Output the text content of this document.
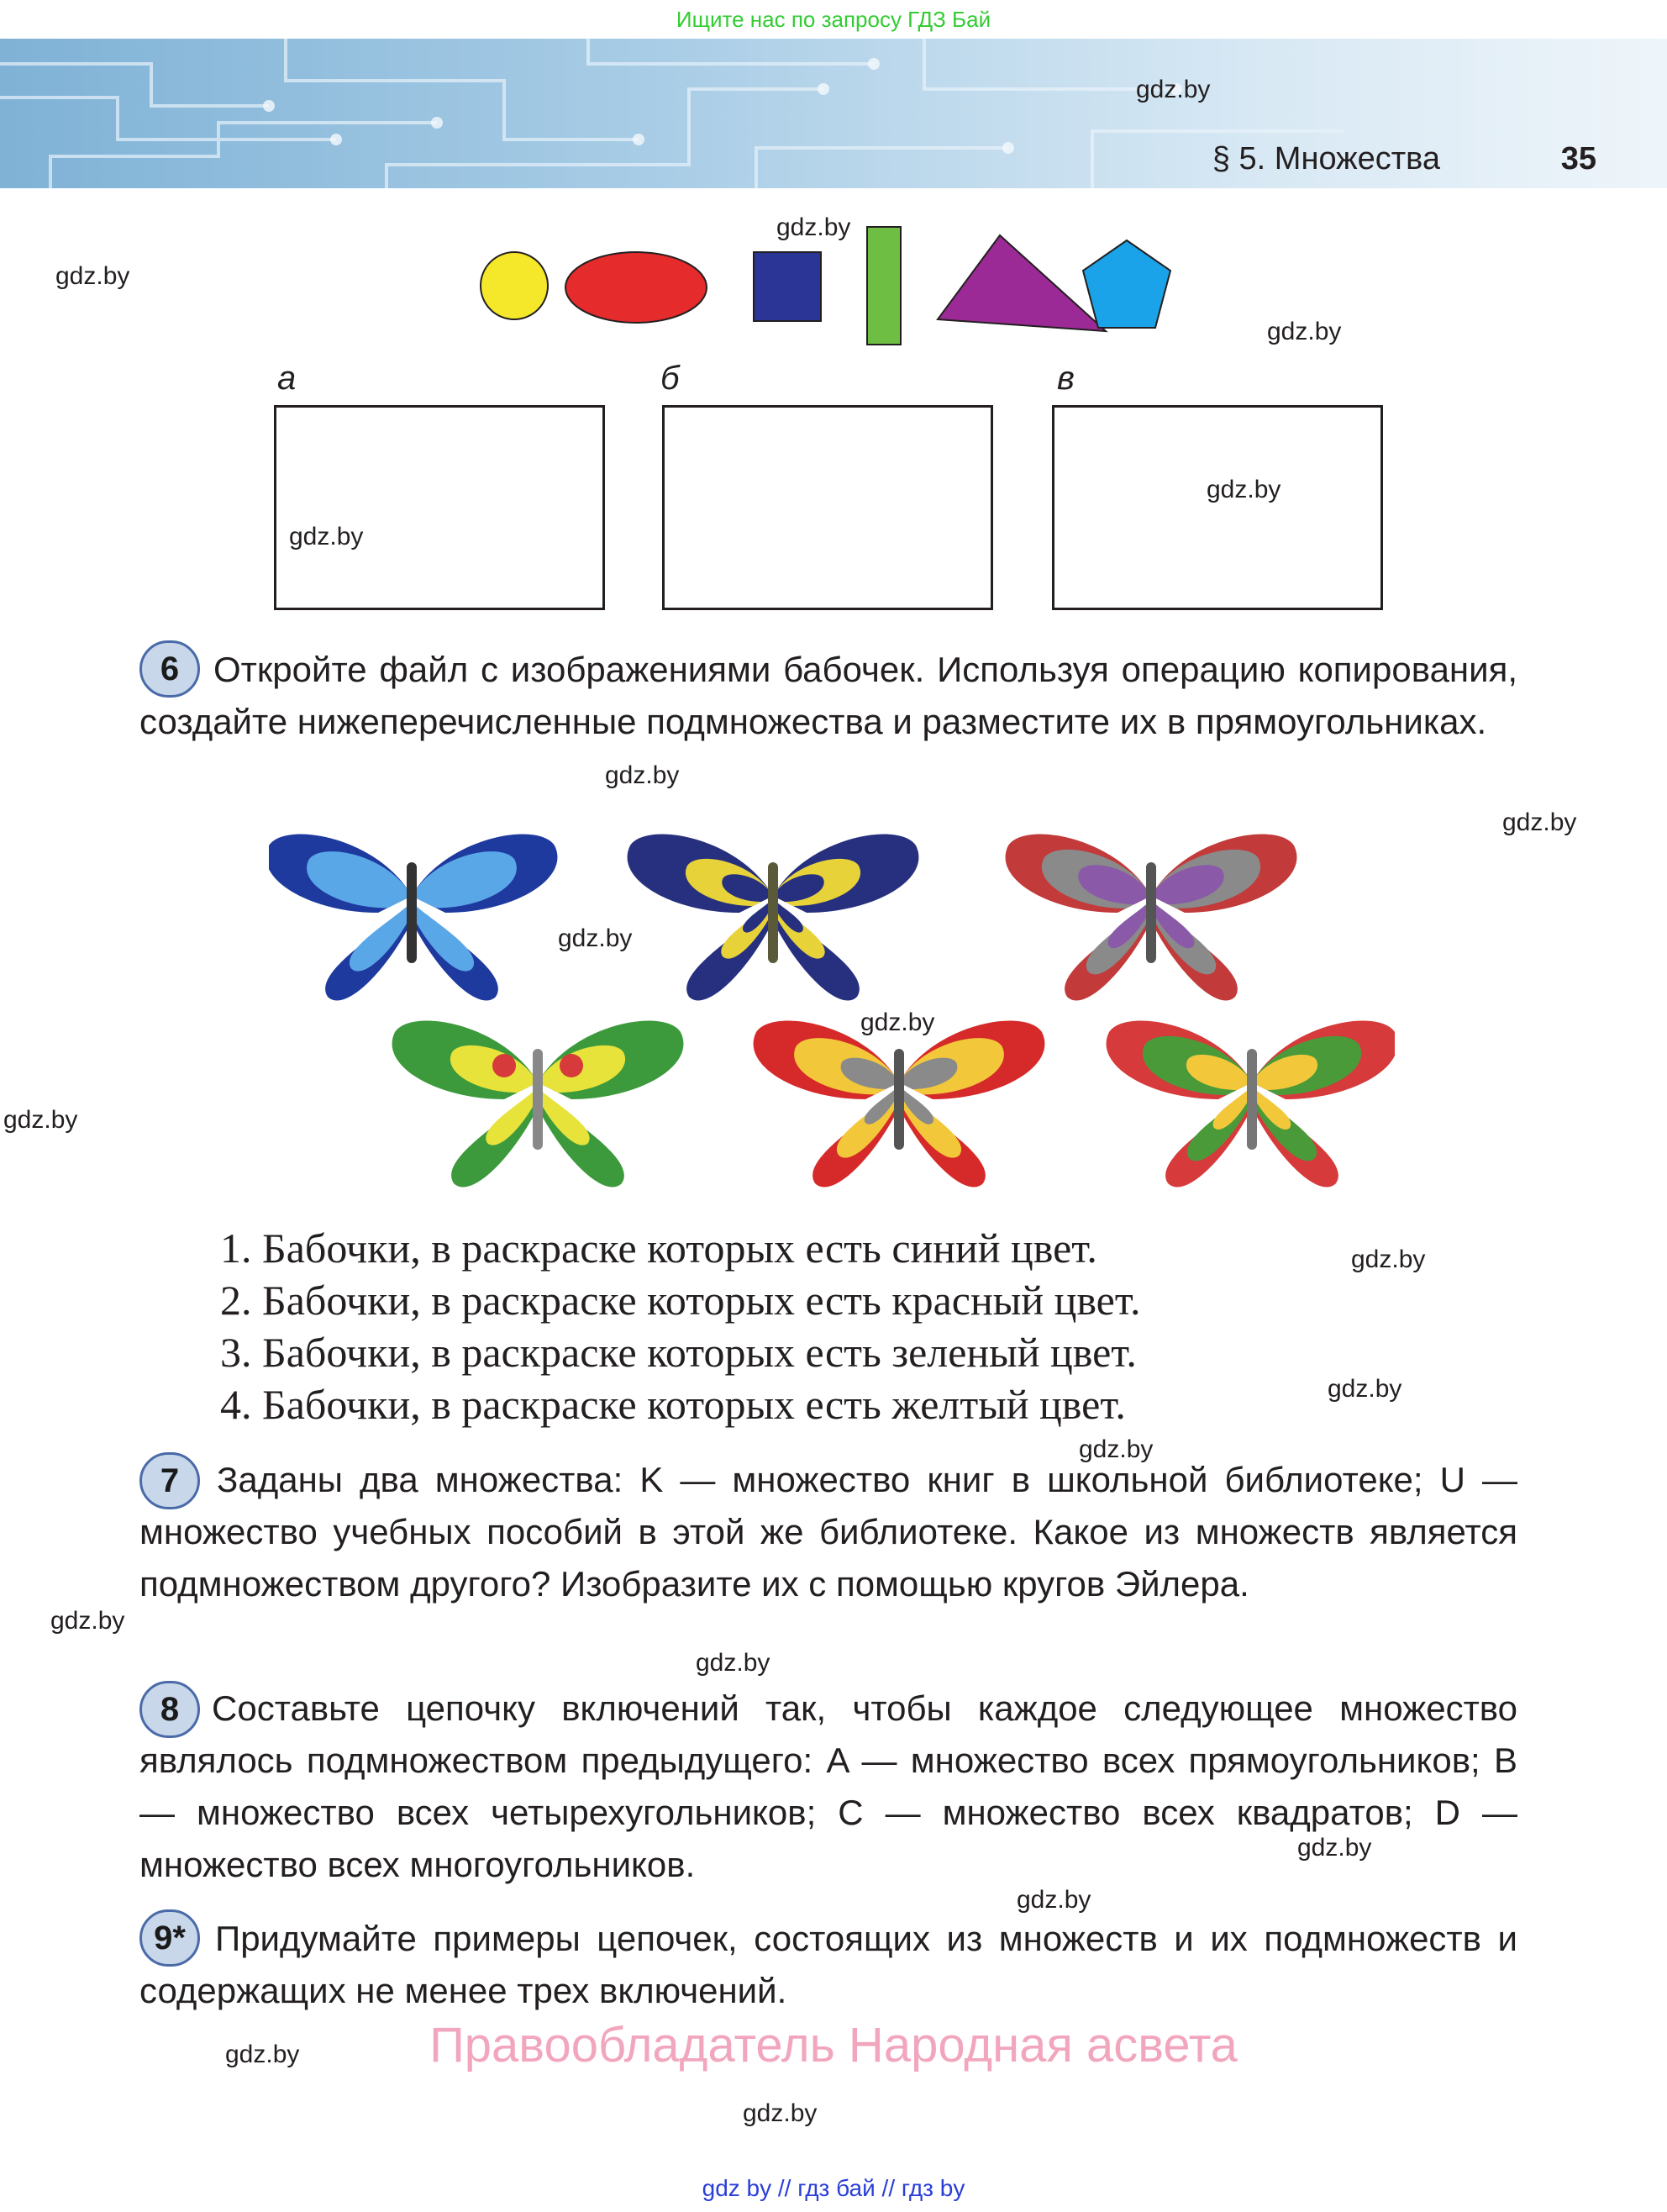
Ищите нас по запросу ГДЗ Бай
§ 5. Множества	35
gdz.by
gdz.by
gdz.by
gdz.by
а	б	в
gdz.by
gdz.by
6 Откройте файл с изображениями бабочек. Используя операцию копирования, создайте нижеперечисленные подмножества и разместите их в прямоугольниках.
gdz.by
gdz.by
gdz.by
gdz.by
gdz.by
1. Бабочки, в раскраске которых есть синий цвет.
2. Бабочки, в раскраске которых есть красный цвет.
3. Бабочки, в раскраске которых есть зеленый цвет.
4. Бабочки, в раскраске которых есть желтый цвет.
gdz.by
gdz.by
gdz.by
7	Заданы два множества: K — множество книг в школьной библиотеке; U — множество учебных пособий в этой же библиотеке. Какое из множеств является подмножеством другого? Изобразите их с помощью кругов Эйлера.
gdz.by
gdz.by
8 Составьте цепочку включений так, чтобы каждое следующее множество являлось подмножеством предыдущего: A — множество всех прямоугольников; B — множество всех четырехугольников; C — множество всех квадратов; D — множество всех многоугольников.	gdz.by
gdz.by
9* Придумайте примеры цепочек, состоящих из множеств и их подмножеств и содержащих не менее трех включений.
gdz.by	Правообладатель Народная асвета
gdz.by
gdz by // гдз бай // гдз by
